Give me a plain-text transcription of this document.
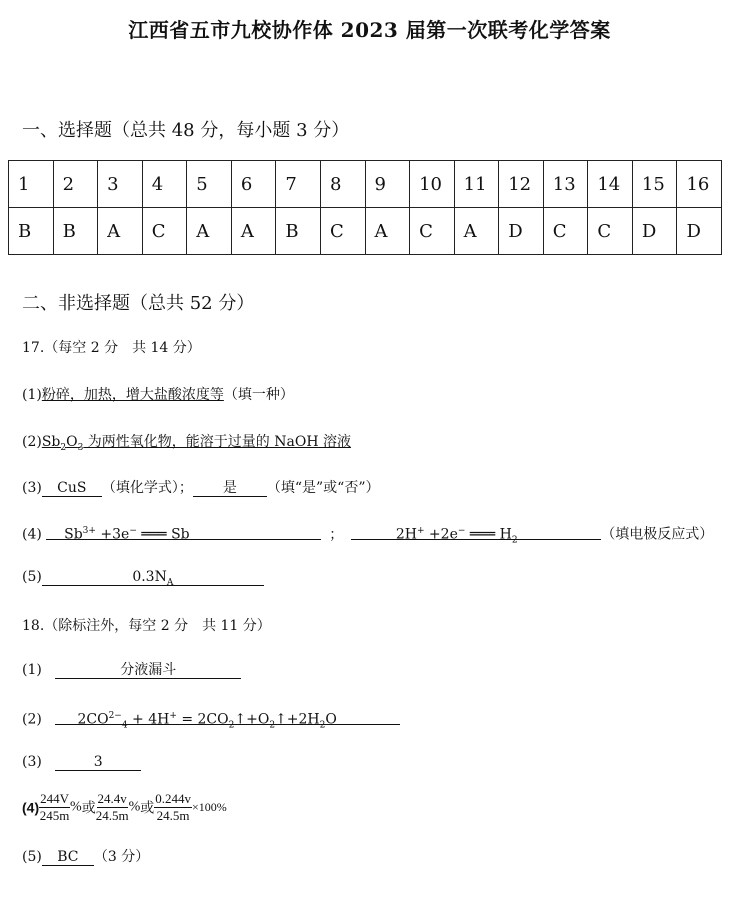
江西省五市九校协作体 2023 届第一次联考化学答案
一、选择题（总共 48 分，每小题 3 分）
1	2	3	4	5	6	7	8	9	10	11	12	13	14	15	16
B	B	A	C	A	A	B	C	A	C	A	D	C	C	D	D
二、非选择题（总共 52 分）
17.（每空 2 分　共 14 分）
(1)粉碎，加热，增大盐酸浓度等（填一种）
$(2)Sb_2O_3$ 为两性氧化物，能溶于过量的 NaOH 溶液
(3) CuS （填化学式）； 是 （填“是”或“否”）
(4) $Sb^{3+} +3e^-$ ═══ Sb	；	2H+ +2e− ═══ $H_2$	（填电极反应式）
(5)	$0.3N_A$
18.（除标注外，每空 2 分　共 11 分）
(1)	分液漏斗
(2)	$2CO^{2-}_4 + 4H^+$ = $2CO_2↑+O_2↑+2H_2O$
(3)	3
$(4) \frac{244V}{245m}$ %或 $\frac{24.4v}{24.5m}$ %或 $\frac{0.244v}{24.5m} \times 100\%$
(5) BC （3 分）
